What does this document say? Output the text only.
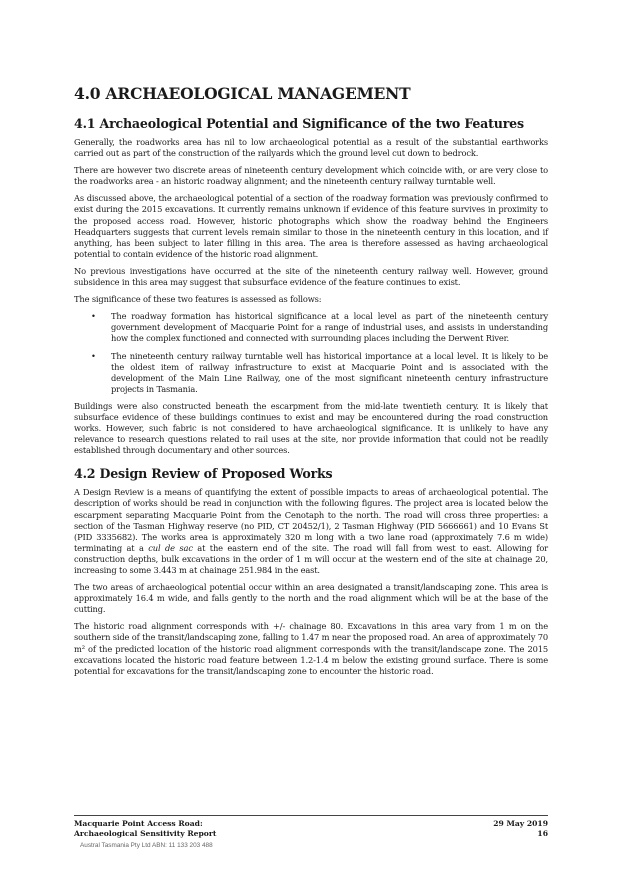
4.0 ARCHAEOLOGICAL MANAGEMENT
4.1 Archaeological Potential and Significance of the two Features

Generally, the roadworks area has nil to low archaeological potential as a result of the substantial earthworks carried out as part of the construction of the railyards which the ground level cut down to bedrock.

There are however two discrete areas of nineteenth century development which coincide with, or are very close to the roadworks area - an historic roadway alignment; and the nineteenth century railway turntable well.

As discussed above, the archaeological potential of a section of the roadway formation was previously confirmed to exist during the 2015 excavations. It currently remains unknown if evidence of this feature survives in proximity to the proposed access road. However, historic photographs which show the roadway behind the Engineers Headquarters suggests that current levels remain similar to those in the nineteenth century in this location, and if anything, has been subject to later filling in this area. The area is therefore assessed as having archaeological potential to contain evidence of the historic road alignment.

No previous investigations have occurred at the site of the nineteenth century railway well. However, ground subsidence in this area may suggest that subsurface evidence of the feature continues to exist.

The significance of these two features is assessed as follows:

• The roadway formation has historical significance at a local level as part of the nineteenth century government development of Macquarie Point for a range of industrial uses, and assists in understanding how the complex functioned and connected with surrounding places including the Derwent River.
• The nineteenth century railway turntable well has historical importance at a local level. It is likely to be the oldest item of railway infrastructure to exist at Macquarie Point and is associated with the development of the Main Line Railway, one of the most significant nineteenth century infrastructure projects in Tasmania.

Buildings were also constructed beneath the escarpment from the mid-late twentieth century. It is likely that subsurface evidence of these buildings continues to exist and may be encountered during the road construction works. However, such fabric is not considered to have archaeological significance. It is unlikely to have any relevance to research questions related to rail uses at the site, nor provide information that could not be readily established through documentary and other sources.

4.2 Design Review of Proposed Works

A Design Review is a means of quantifying the extent of possible impacts to areas of archaeological potential. The description of works should be read in conjunction with the following figures. The project area is located below the escarpment separating Macquarie Point from the Cenotaph to the north. The road will cross three properties: a section of the Tasman Highway reserve (no PID, CT 20452/1), 2 Tasman Highway (PID 5666661) and 10 Evans St (PID 3335682). The works area is approximately 320 m long with a two lane road (approximately 7.6 m wide) terminating at a cul de sac at the eastern end of the site. The road will fall from west to east. Allowing for construction depths, bulk excavations in the order of 1 m will occur at the western end of the site at chainage 20, increasing to some 3.443 m at chainage 251.984 in the east.

The two areas of archaeological potential occur within an area designated a transit/landscaping zone. This area is approximately 16.4 m wide, and falls gently to the north and the road alignment which will be at the base of the cutting.

The historic road alignment corresponds with +/- chainage 80. Excavations in this area vary from 1 m on the southern side of the transit/landscaping zone, falling to 1.47 m near the proposed road. An area of approximately 70 m² of the predicted location of the historic road alignment corresponds with the transit/landscape zone. The 2015 excavations located the historic road feature between 1.2-1.4 m below the existing ground surface. There is some potential for excavations for the transit/landscaping zone to encounter the historic road.

Macquarie Point Access Road:	29 May 2019
Archaeological Sensitivity Report	16
Austral Tasmania Pty Ltd ABN: 11 133 203 488
